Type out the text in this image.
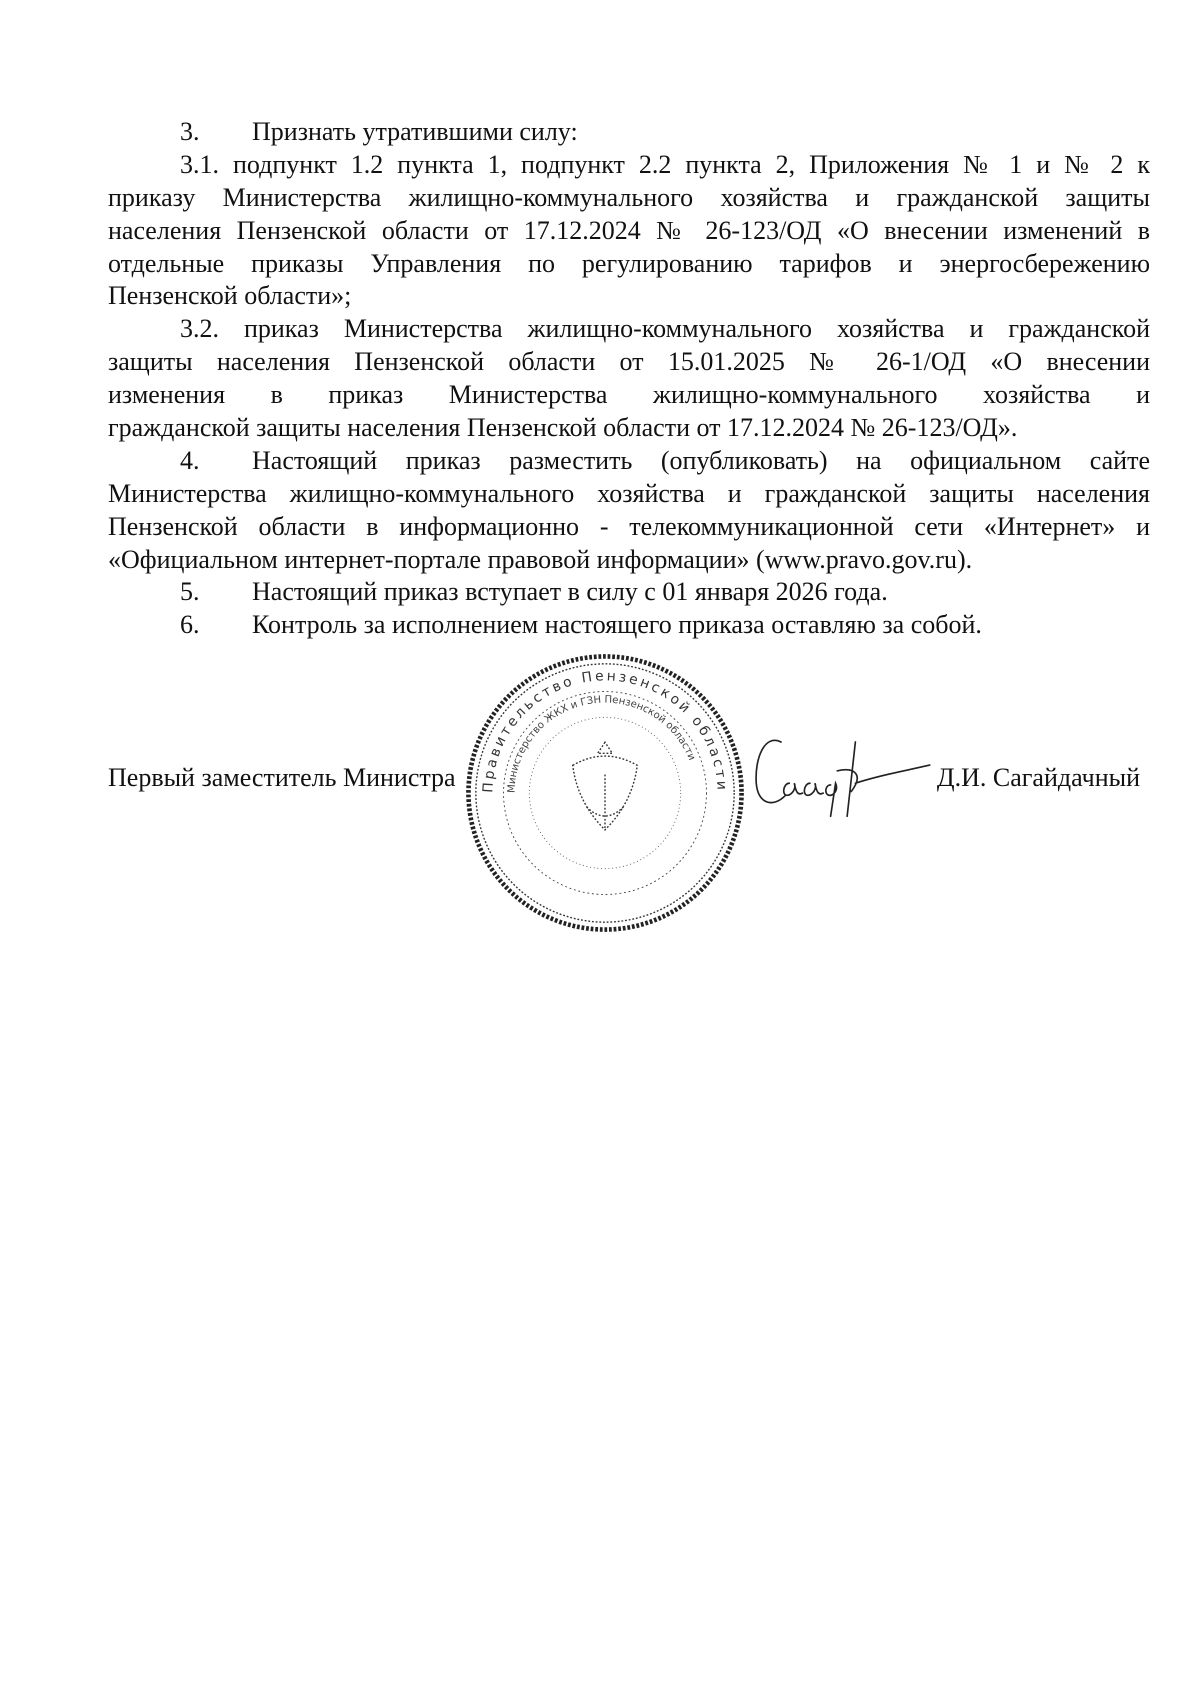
3.	Признать утратившими силу:
3.1. подпункт 1.2 пункта 1, подпункт 2.2 пункта 2, Приложения № 1 и № 2 к
приказу Министерства жилищно-коммунального хозяйства и гражданской защиты
населения Пензенской области от 17.12.2024 № 26-123/ОД «О внесении изменений в
отдельные приказы Управления по регулированию тарифов и энергосбережению
Пензенской области»;
3.2. приказ Министерства жилищно-коммунального хозяйства и гражданской
защиты населения Пензенской области от 15.01.2025 № 26-1/ОД «О внесении
изменения в приказ Министерства жилищно-коммунального хозяйства и
гражданской защиты населения Пензенской области от 17.12.2024 № 26-123/ОД».
4.	Настоящий приказ разместить (опубликовать) на официальном сайте
Министерства жилищно-коммунального хозяйства и гражданской защиты населения
Пензенской области в информационно - телекоммуникационной сети «Интернет» и
«Официальном интернет-портале правовой информации» (www.pravo.gov.ru).
5.	Настоящий приказ вступает в силу с 01 января 2026 года.
6.	Контроль за исполнением настоящего приказа оставляю за собой.
Первый заместитель Министра	Д.И. Сагайдачный
Правительство Пензенской области
Министерство ЖКХ и ГЗН Пензенской области
